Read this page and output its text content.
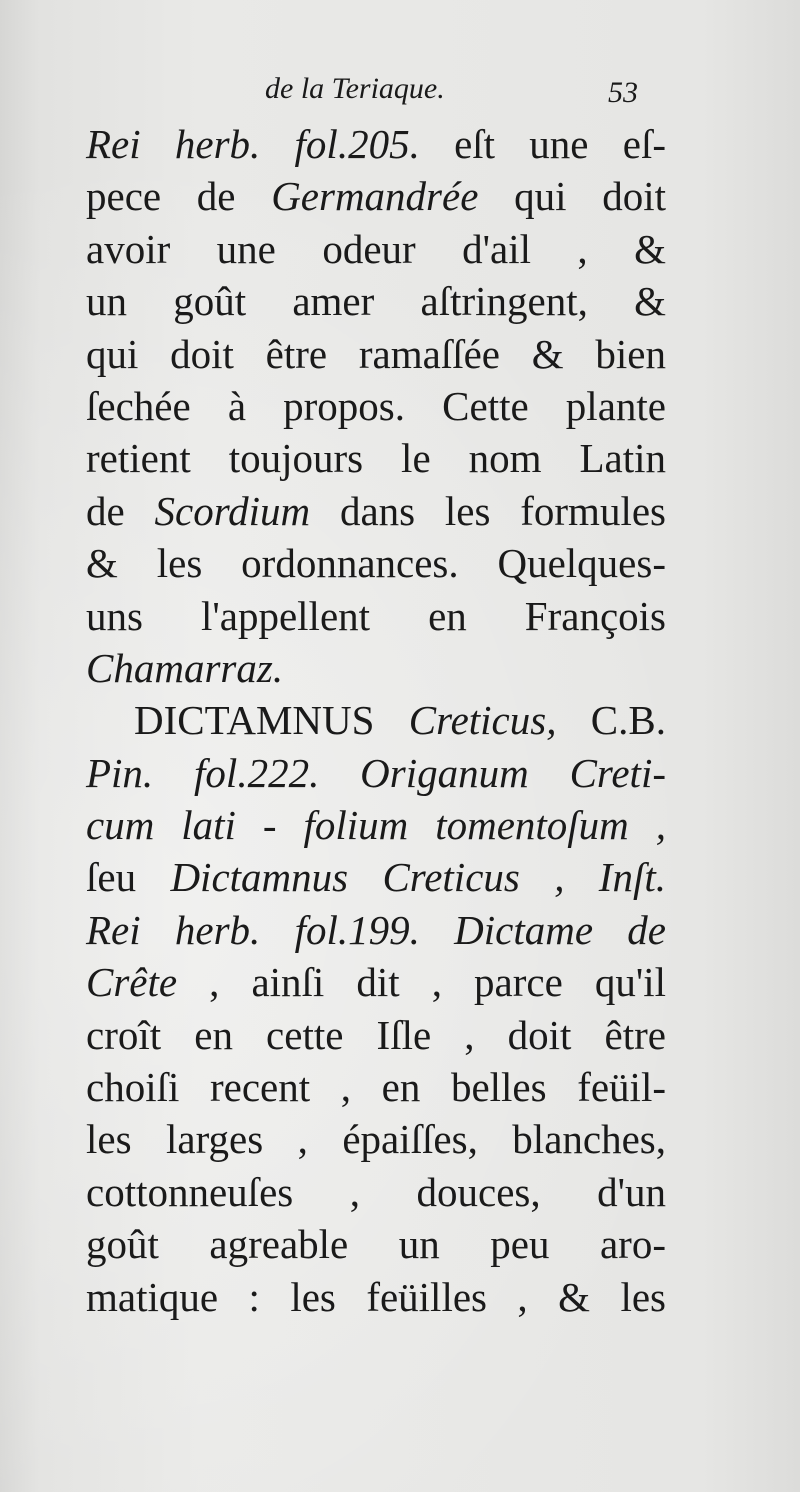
de la Teriaque.	53
Rei herb. fol.205. eſt une eſ-
pece de Germandrée qui doit
avoir une odeur d'ail , &
un goût amer aſtringent, &
qui doit être ramaſſée & bien
ſechée à propos. Cette plante
retient toujours le nom Latin
de Scordium dans les formules
& les ordonnances. Quelques-
uns l'appellent en François
Chamarraz.
DICTAMNUS Creticus, C.B.
Pin. fol.222. Origanum Creti-
cum lati - folium tomentoſum ,
ſeu Dictamnus Creticus , Inſt.
Rei herb. fol.199. Dictame de
Crête , ainſi dit , parce qu'il
croît en cette Iſle , doit être
choiſi recent , en belles feüil-
les larges , épaiſſes, blanches,
cottonneuſes , douces, d'un
goût agreable un peu aro-
matique : les feüilles , & les
